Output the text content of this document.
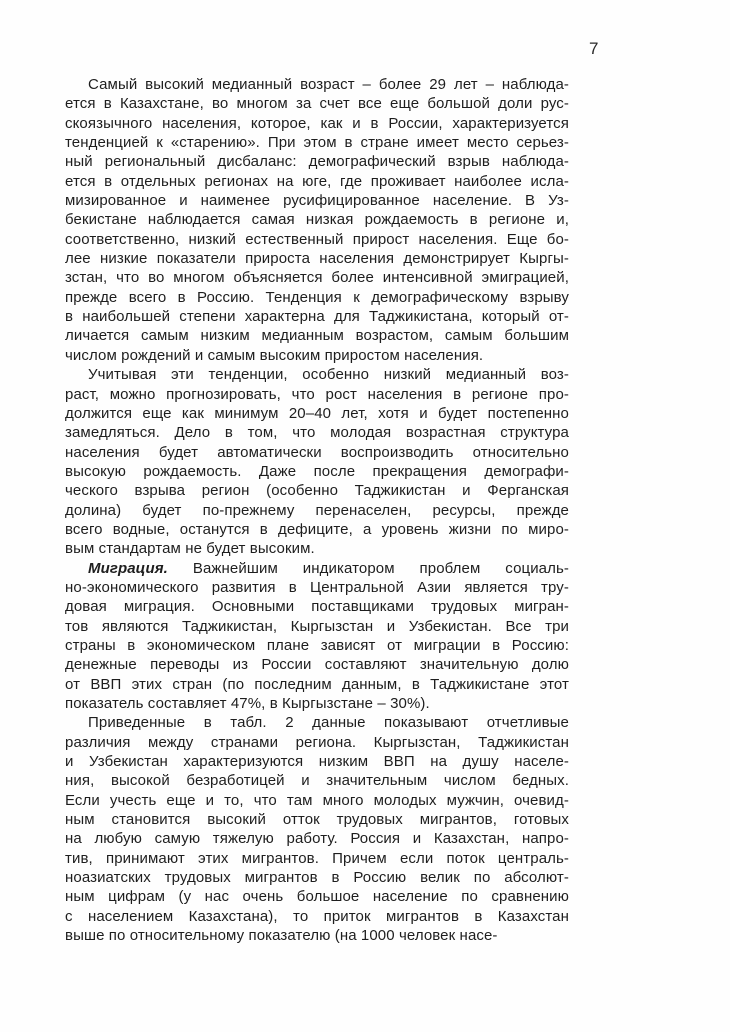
7
Самый высокий медианный возраст – более 29 лет – наблюда-
ется в Казахстане, во многом за счет все еще большой доли рус-
скоязычного населения, которое, как и в России, характеризуется
тенденцией к «старению». При этом в стране имеет место серьез-
ный региональный дисбаланс: демографический взрыв наблюда-
ется в отдельных регионах на юге, где проживает наиболее исла-
мизированное и наименее русифицированное население. В Уз-
бекистане наблюдается самая низкая рождаемость в регионе и,
соответственно, низкий естественный прирост населения. Еще бо-
лее низкие показатели прироста населения демонстрирует Кыргы-
зстан, что во многом объясняется более интенсивной эмиграцией,
прежде всего в Россию. Тенденция к демографическому взрыву
в наибольшей степени характерна для Таджикистана, который от-
личается самым низким медианным возрастом, самым большим
числом рождений и самым высоким приростом населения.
Учитывая эти тенденции, особенно низкий медианный воз-
раст, можно прогнозировать, что рост населения в регионе про-
должится еще как минимум 20–40 лет, хотя и будет постепенно
замедляться. Дело в том, что молодая возрастная структура
населения будет автоматически воспроизводить относительно
высокую рождаемость. Даже после прекращения демографи-
ческого взрыва регион (особенно Таджикистан и Ферганская
долина) будет по-прежнему перенаселен, ресурсы, прежде
всего водные, останутся в дефиците, а уровень жизни по миро-
вым стандартам не будет высоким.
Миграция. Важнейшим индикатором проблем социаль-
но-экономического развития в Центральной Азии является тру-
довая миграция. Основными поставщиками трудовых мигран-
тов являются Таджикистан, Кыргызстан и Узбекистан. Все три
страны в экономическом плане зависят от миграции в Россию:
денежные переводы из России составляют значительную долю
от ВВП этих стран (по последним данным, в Таджикистане этот
показатель составляет 47%, в Кыргызстане – 30%).
Приведенные в табл. 2 данные показывают отчетливые
различия между странами региона. Кыргызстан, Таджикистан
и Узбекистан характеризуются низким ВВП на душу населе-
ния, высокой безработицей и значительным числом бедных.
Если учесть еще и то, что там много молодых мужчин, очевид-
ным становится высокий отток трудовых мигрантов, готовых
на любую самую тяжелую работу. Россия и Казахстан, напро-
тив, принимают этих мигрантов. Причем если поток централь-
ноазиатских трудовых мигрантов в Россию велик по абсолют-
ным цифрам (у нас очень большое население по сравнению
с населением Казахстана), то приток мигрантов в Казахстан
выше по относительному показателю (на 1000 человек насе-
